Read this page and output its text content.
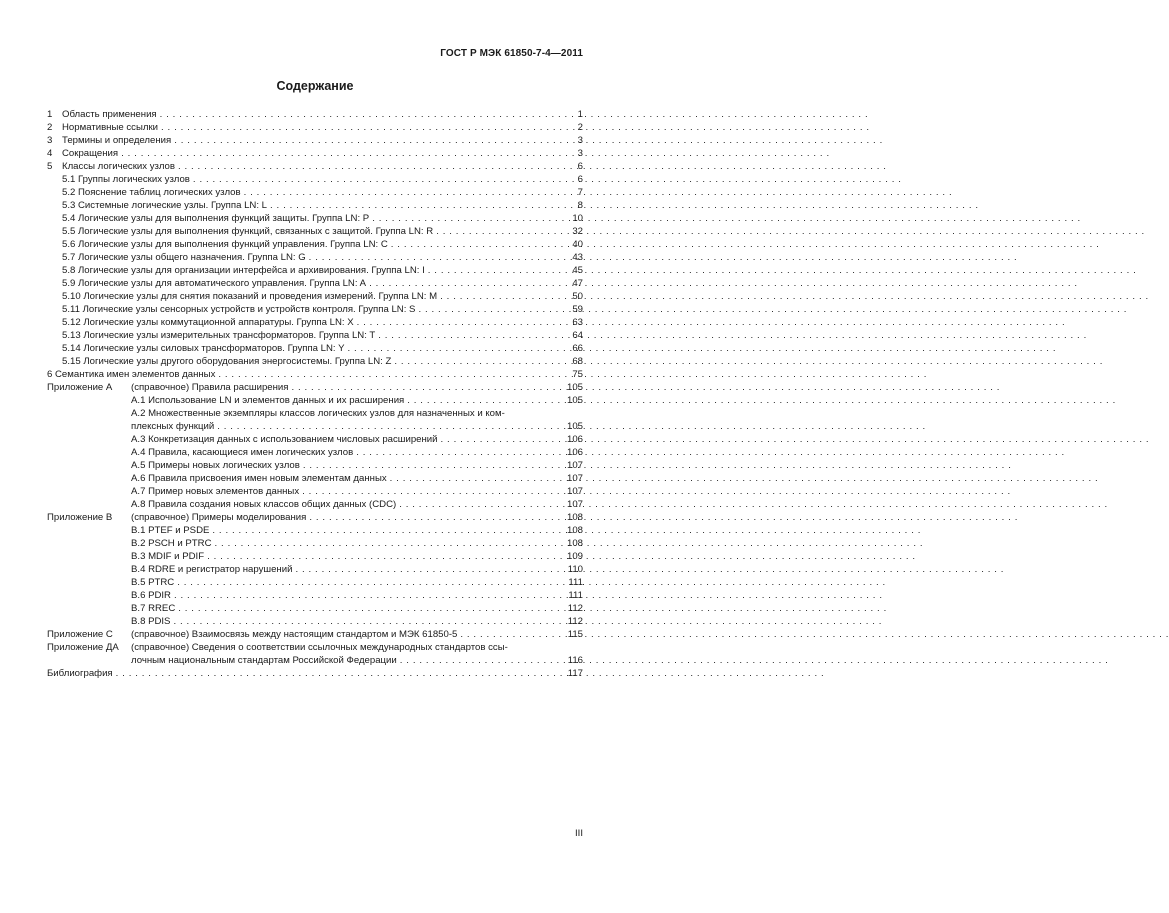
ГОСТ Р МЭК 61850-7-4—2011
Содержание
1	Область применения . . .	1
2	Нормативные ссылки . . .	2
3	Термины и определения . . .	3
4	Сокращения . . .	3
5	Классы логических узлов . . .	6
5.1 Группы логических узлов . . .	6
5.2 Пояснение таблиц логических узлов . . .	7
5.3 Системные логические узлы. Группа LN: L . . .	8
5.4 Логические узлы для выполнения функций защиты. Группа LN: P . . .	10
5.5 Логические узлы для выполнения функций, связанных с защитой. Группа LN: R . . .	32
5.6 Логические узлы для выполнения функций управления. Группа LN: C . . .	40
5.7 Логические узлы общего назначения. Группа LN: G . . .	43
5.8 Логические узлы для организации интерфейса и архивирования. Группа LN: I . . .	45
5.9 Логические узлы для автоматического управления. Группа LN: A . . .	47
5.10 Логические узлы для снятия показаний и проведения измерений. Группа LN: M . . .	50
5.11 Логические узлы сенсорных устройств и устройств контроля. Группа LN: S . . .	59
5.12 Логические узлы коммутационной аппаратуры. Группа LN: X . . .	63
5.13 Логические узлы измерительных трансформаторов. Группа LN: T . . .	64
5.14 Логические узлы силовых трансформаторов. Группа LN: Y . . .	66
5.15 Логические узлы другого оборудования энергосистемы. Группа LN: Z . . .	68
6 Семантика имен элементов данных . . .	75
Приложение А	(справочное) Правила расширения . . .	105
А.1 Использование LN и элементов данных и их расширения . . .	105
А.2 Множественные экземпляры классов логических узлов для назначенных и ком-
плексных функций . . .	105
А.3 Конкретизация данных с использованием числовых расширений . . .	106
А.4 Правила, касающиеся имен логических узлов . . .	106
А.5 Примеры новых логических узлов . . .	107
А.6 Правила присвоения имен новым элементам данных . . .	107
А.7 Пример новых элементов данных . . .	107
А.8 Правила создания новых классов общих данных (CDC) . . .	107
Приложение В	(справочное) Примеры моделирования . . .	108
В.1 PTEF и PSDE . . .	108
В.2 PSCH и PTRC . . .	108
В.3 MDIF и PDIF . . .	109
В.4 RDRE и регистратор нарушений . . .	110
В.5 PTRC . . .	111
В.6 PDIR . . .	111
В.7 RREC . . .	112
В.8 PDIS . . .	112
Приложение С	(справочное) Взаимосвязь между настоящим стандартом и МЭК 61850-5 . . .	115
Приложение ДА	(справочное) Сведения о соответствии ссылочных международных стандартов ссы-
лочным национальным стандартам Российской Федерации . . .	116
Библиография . . .	117
III
